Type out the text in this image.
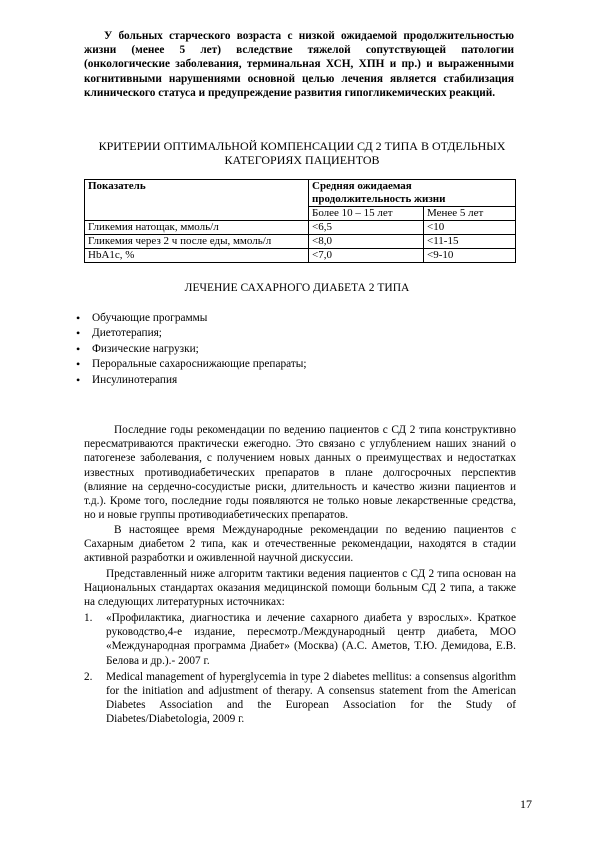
У больных старческого возраста с низкой ожидаемой продолжительностью жизни (менее 5 лет) вследствие тяжелой сопутствующей патологии (онкологические заболевания, терминальная ХСН, ХПН и пр.) и выраженными когнитивными нарушениями основной целью лечения является стабилизация клинического статуса и предупреждение развития гипогликемических реакций.

КРИТЕРИИ ОПТИМАЛЬНОЙ КОМПЕНСАЦИИ СД 2 ТИПА В ОТДЕЛЬНЫХ КАТЕГОРИЯХ ПАЦИЕНТОВ

Показатель	Средняя ожидаемая продолжительность жизни	
	Более 10 – 15 лет	Менее 5 лет
Гликемия натощак, ммоль/л	<6,5	<10
Гликемия через 2 ч после еды, ммоль/л	<8,0	<11-15
HbA1c, %	<7,0	<9-10

ЛЕЧЕНИЕ САХАРНОГО ДИАБЕТА 2 ТИПА

• Обучающие программы
• Диетотерапия;
• Физические нагрузки;
• Пероральные сахароснижающие препараты;
• Инсулинотерапия

Последние годы рекомендации по ведению пациентов с СД 2 типа конструктивно пересматриваются практически ежегодно. Это связано с углублением наших знаний о патогенезе заболевания, с получением новых данных о преимуществах и недостатках известных противодиабетических препаратов в плане долгосрочных перспектив (влияние на сердечно-сосудистые риски, длительность и качество жизни пациентов и т.д.). Кроме того, последние годы появляются не только новые лекарственные средства, но и новые группы противодиабетических препаратов.

В настоящее время Международные рекомендации по ведению пациентов с Сахарным диабетом 2 типа, как и отечественные рекомендации, находятся в стадии активной разработки и оживленной научной дискуссии.

Представленный ниже алгоритм тактики ведения пациентов с СД 2 типа основан на Национальных стандартах оказания медицинской помощи больным СД 2 типа, а также на следующих литературных источниках:

1. «Профилактика, диагностика и лечение сахарного диабета у взрослых». Краткое руководство,4-е издание, пересмотр./Международный центр диабета, МОО «Международная программа Диабет» (Москва) (А.С. Аметов, Т.Ю. Демидова, Е.В. Белова и др.).- 2007 г.
2. Medical management of hyperglycemia in type 2 diabetes mellitus: a consensus algorithm for the initiation and adjustment of therapy. A consensus statement from the American Diabetes Association and the European Association for the Study of Diabetes/Diabetologia, 2009 г.
17
